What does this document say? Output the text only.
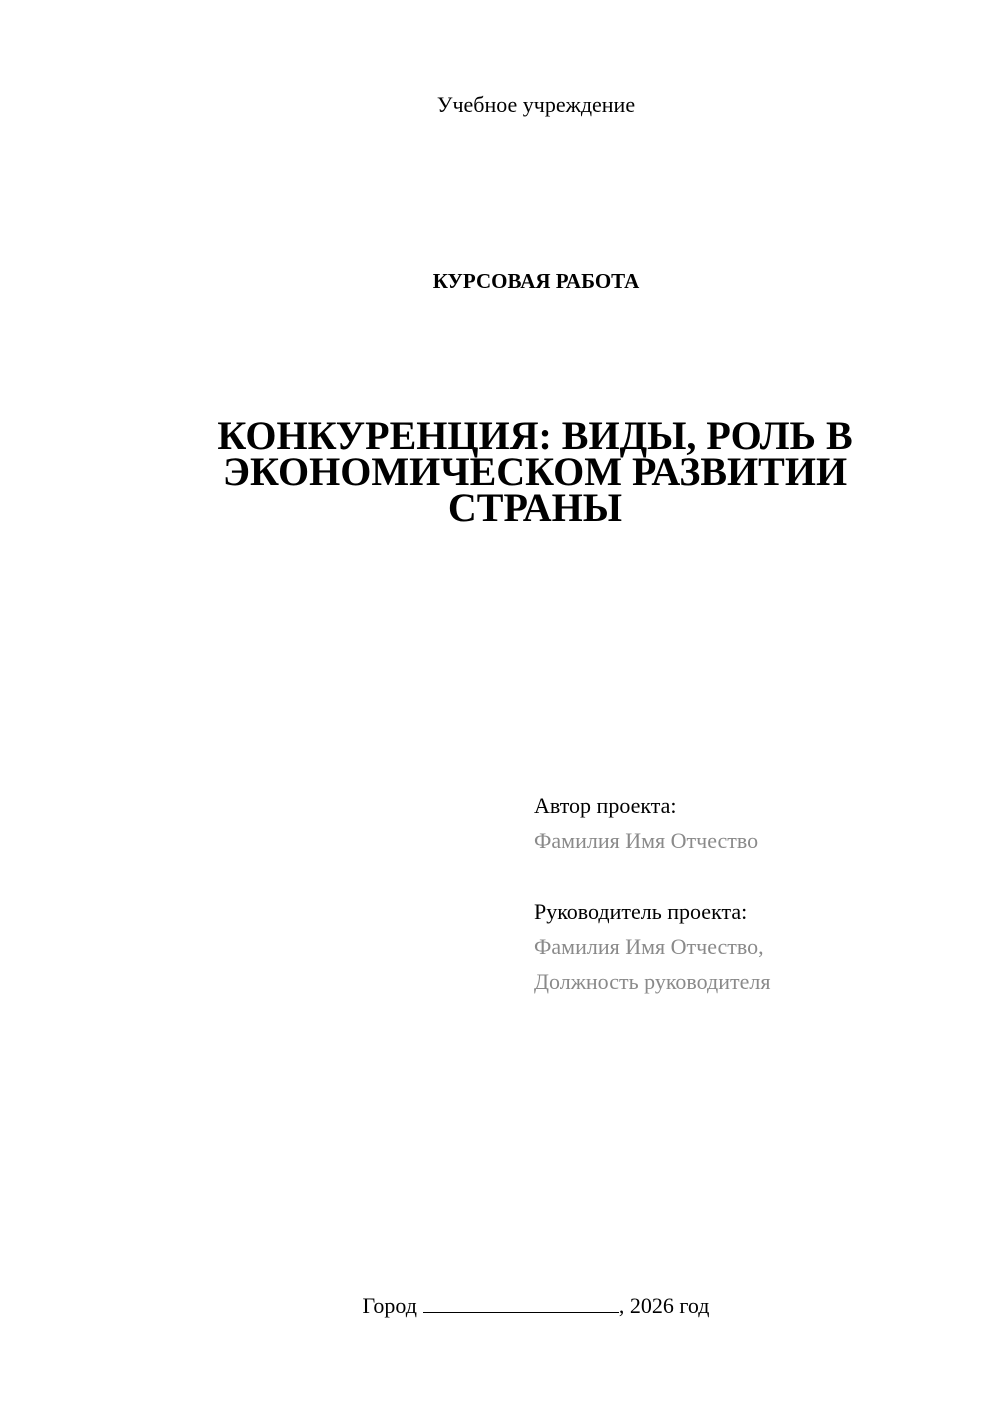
Учебное учреждение
КУРСОВАЯ РАБОТА
КОНКУРЕНЦИЯ: ВИДЫ, РОЛЬ В
ЭКОНОМИЧЕСКОМ РАЗВИТИИ
СТРАНЫ
Автор проекта:
Фамилия Имя Отчество
Руководитель проекта:
Фамилия Имя Отчество,
Должность руководителя
Город	, 2026 год
